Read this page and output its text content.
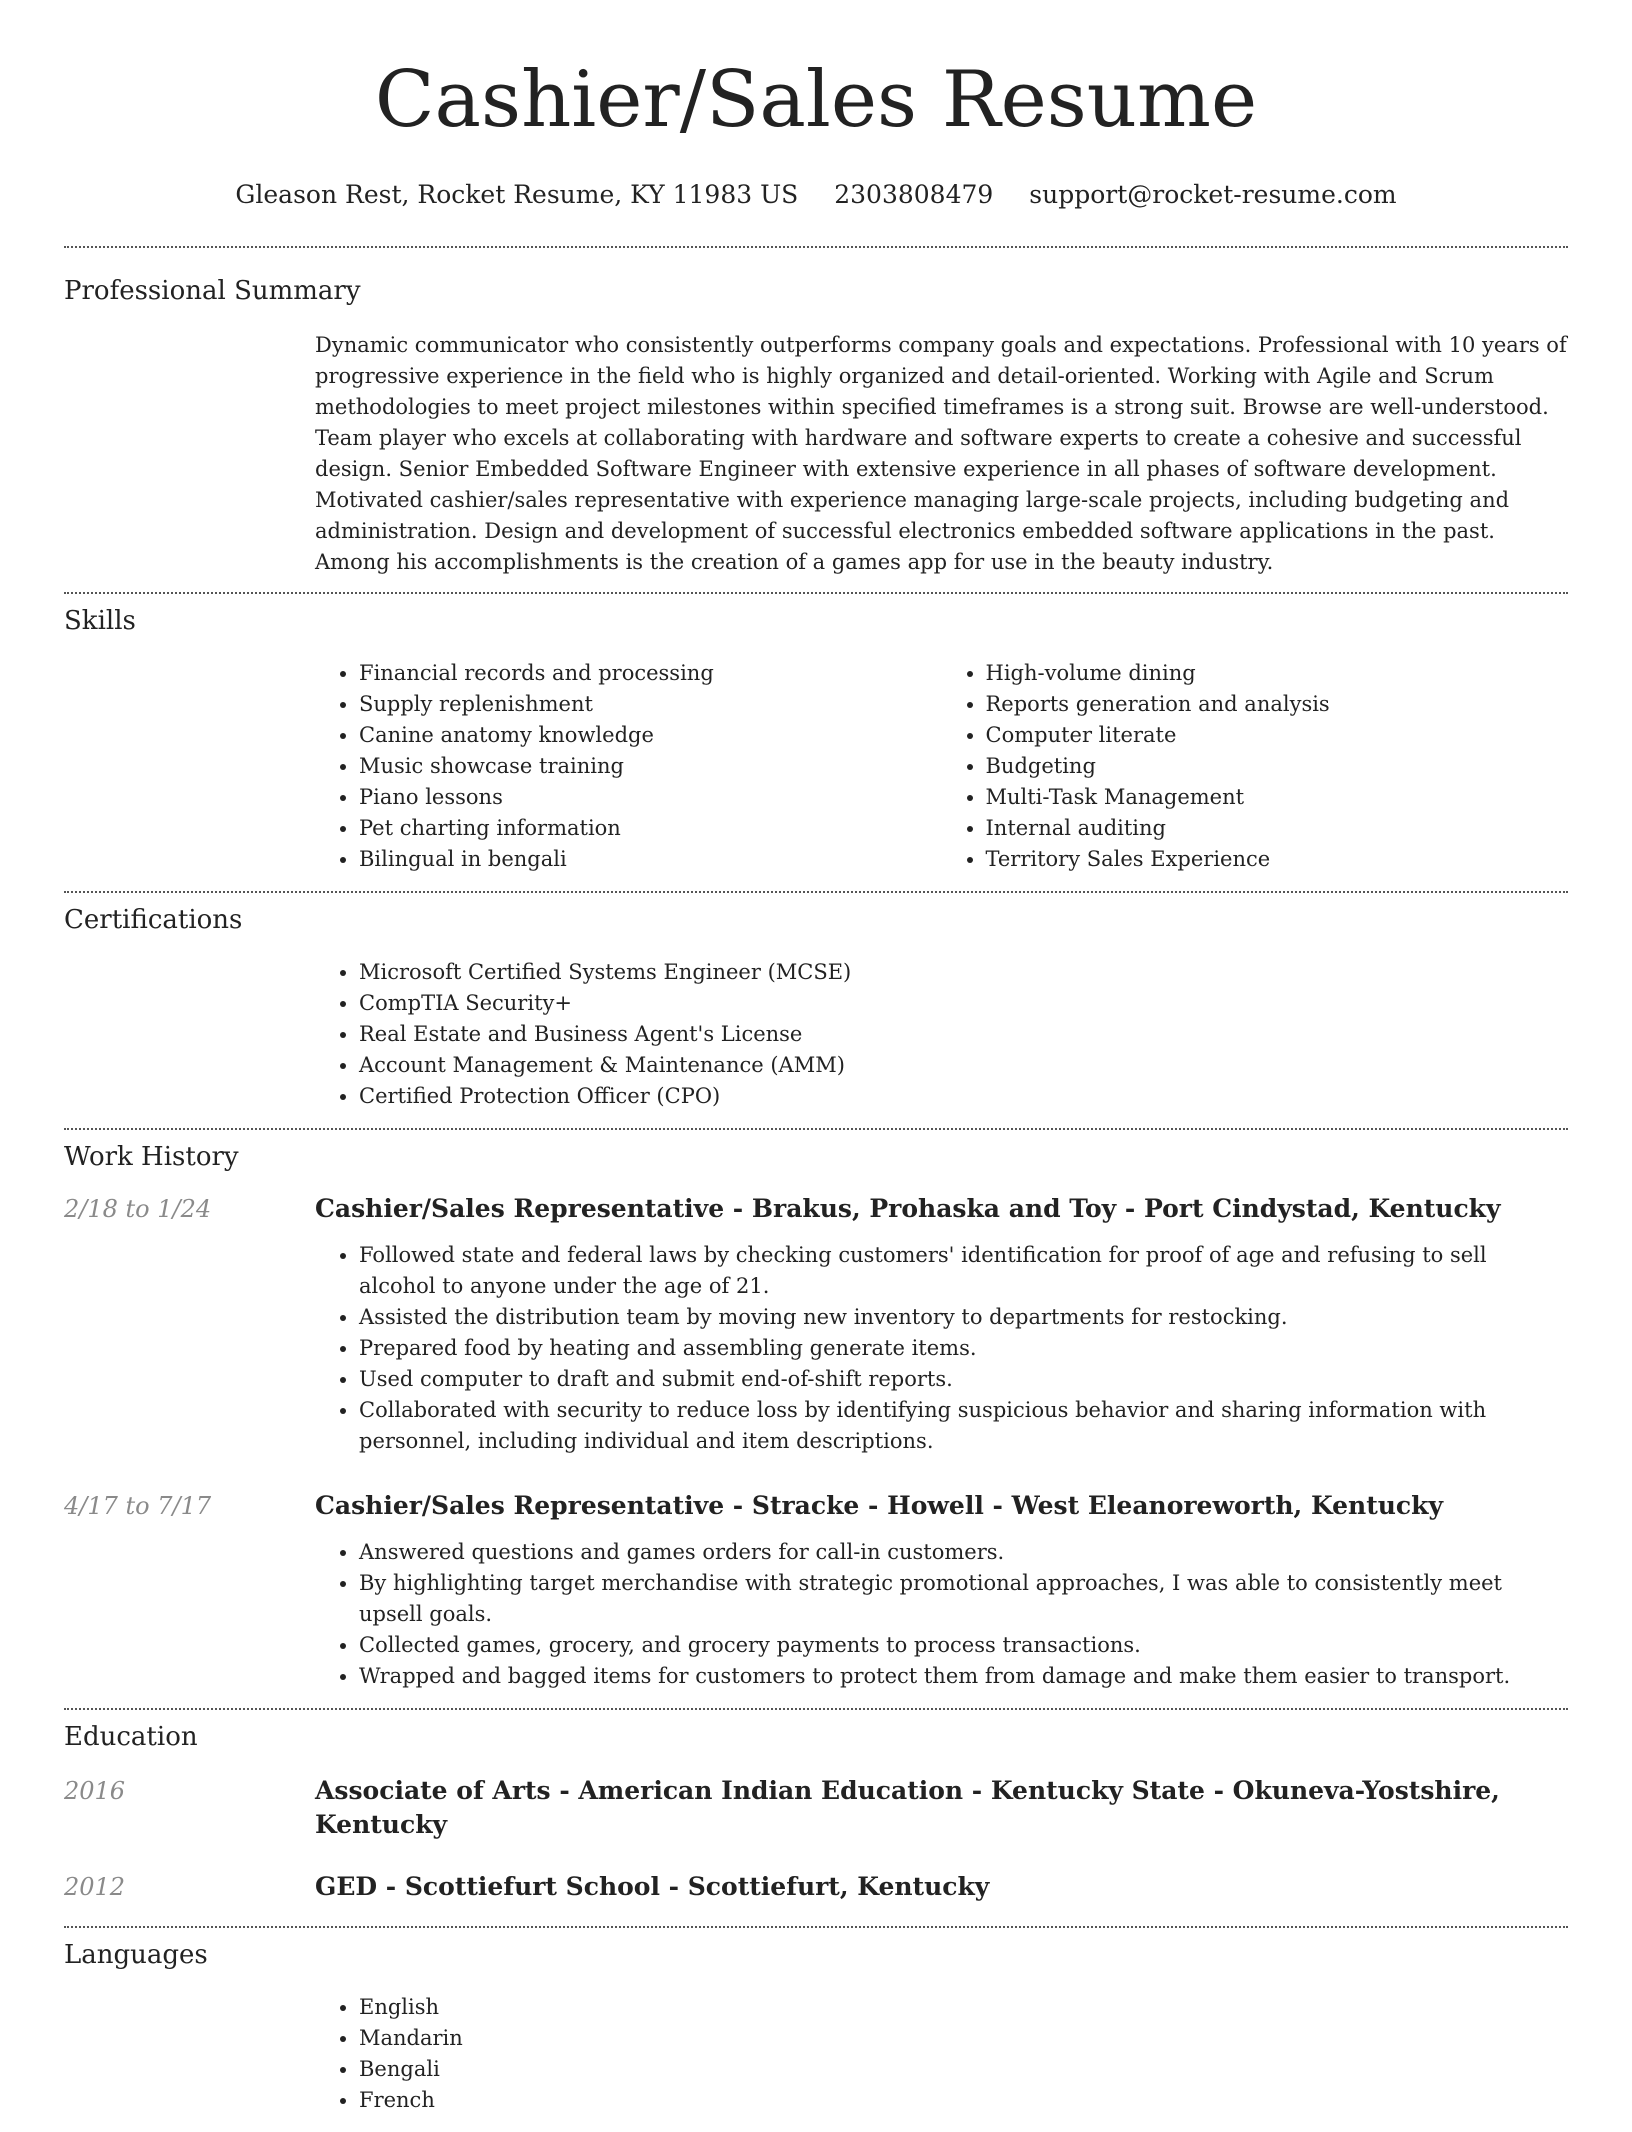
Cashier/Sales Resume
Gleason Rest, Rocket Resume, KY 11983 US 2303808479 support@rocket-resume.com
Professional Summary

Dynamic communicator who consistently outperforms company goals and expectations. Professional with 10 years of progressive experience in the field who is highly organized and detail-oriented. Working with Agile and Scrum methodologies to meet project milestones within specified timeframes is a strong suit. Browse are well-understood. Team player who excels at collaborating with hardware and software experts to create a cohesive and successful design. Senior Embedded Software Engineer with extensive experience in all phases of software development. Motivated cashier/sales representative with experience managing large-scale projects, including budgeting and administration. Design and development of successful electronics embedded software applications in the past. Among his accomplishments is the creation of a games app for use in the beauty industry.

Skills
• Financial records and processing
• Supply replenishment
• Canine anatomy knowledge
• Music showcase training
• Piano lessons
• Pet charting information
• Bilingual in bengali
• High-volume dining
• Reports generation and analysis
• Computer literate
• Budgeting
• Multi-Task Management
• Internal auditing
• Territory Sales Experience
Certifications
• Microsoft Certified Systems Engineer (MCSE)
• CompTIA Security+
• Real Estate and Business Agent's License
• Account Management & Maintenance (AMM)
• Certified Protection Officer (CPO)
Work History
2/18 to 1/24	Cashier/Sales Representative - Brakus, Prohaska and Toy - Port Cindystad, Kentucky
• Followed state and federal laws by checking customers' identification for proof of age and refusing to sell alcohol to anyone under the age of 21.
• Assisted the distribution team by moving new inventory to departments for restocking.
• Prepared food by heating and assembling generate items.
• Used computer to draft and submit end-of-shift reports.
• Collaborated with security to reduce loss by identifying suspicious behavior and sharing information with personnel, including individual and item descriptions.
4/17 to 7/17	Cashier/Sales Representative - Stracke - Howell - West Eleanoreworth, Kentucky
• Answered questions and games orders for call-in customers.
• By highlighting target merchandise with strategic promotional approaches, I was able to consistently meet upsell goals.
• Collected games, grocery, and grocery payments to process transactions.
• Wrapped and bagged items for customers to protect them from damage and make them easier to transport.
Education
2016	Associate of Arts - American Indian Education - Kentucky State - Okuneva-Yostshire, Kentucky
2012	GED - Scottiefurt School - Scottiefurt, Kentucky
Languages
• English
• Mandarin
• Bengali
• French
